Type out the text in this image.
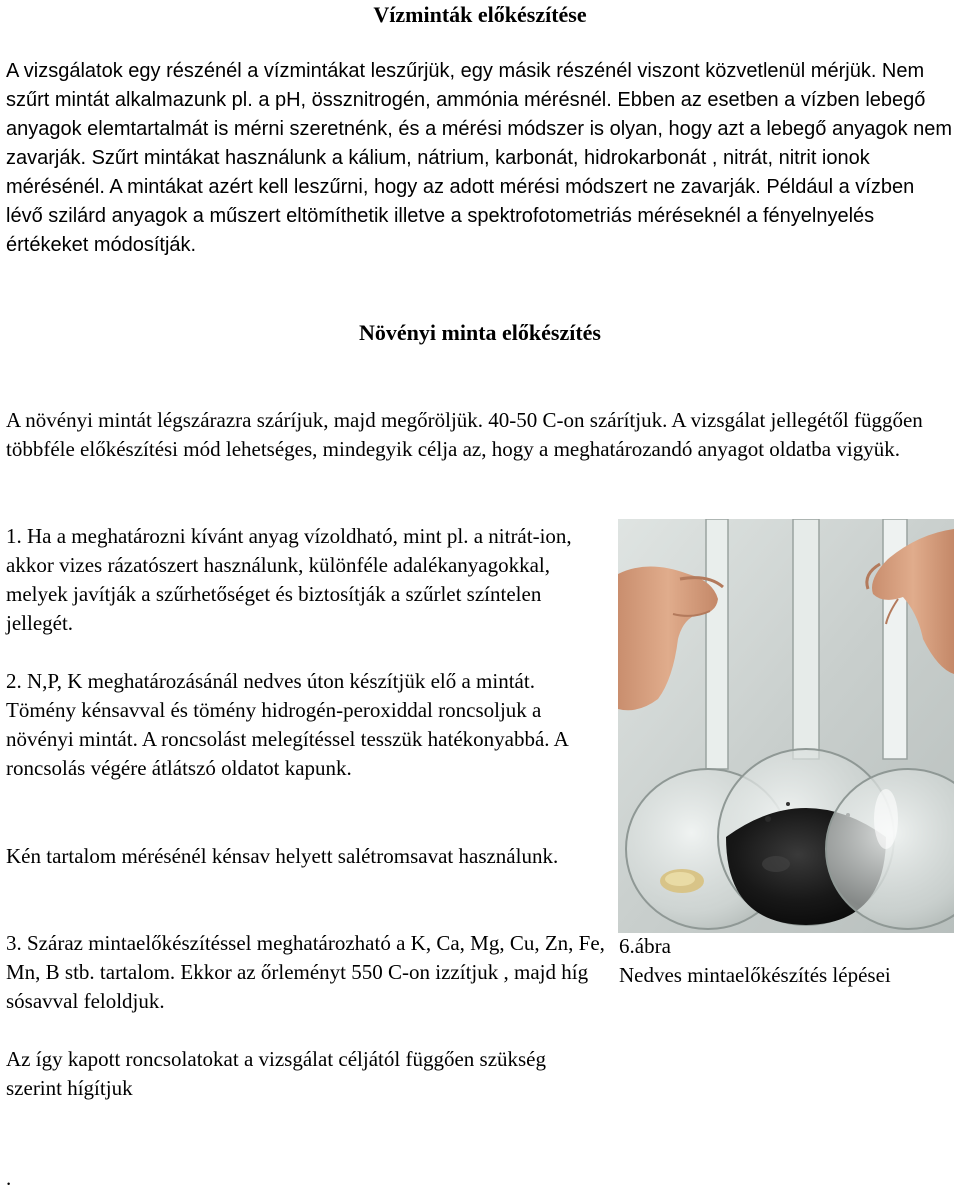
Vízminták előkészítése

A vizsgálatok egy részénél a vízmintákat leszűrjük, egy másik részénél viszont közvetlenül mérjük. Nem szűrt mintát alkalmazunk pl. a pH, össznitrogén, ammónia mérésnél. Ebben az esetben a vízben lebegő anyagok elemtartalmát is mérni szeretnénk, és a mérési módszer is olyan, hogy azt a lebegő anyagok nem zavarják. Szűrt mintákat használunk a kálium, nátrium, karbonát, hidrokarbonát , nitrát, nitrit ionok mérésénél. A mintákat azért kell leszűrni, hogy az adott mérési módszert ne zavarják. Például a vízben lévő szilárd anyagok a műszert eltömíthetik illetve a spektrofotometriás méréseknél a fényelnyelés értékeket módosítják.

Növényi minta előkészítés

A növényi mintát légszárazra száríjuk, majd megőröljük. 40-50 C-on szárítjuk. A vizsgálat jellegétől függően többféle előkészítési mód lehetséges, mindegyik célja az, hogy a meghatározandó anyagot oldatba vigyük.

1. Ha a meghatározni kívánt anyag vízoldható, mint pl. a nitrát-ion, akkor vizes rázatószert használunk, különféle adalékanyagokkal, melyek javítják a szűrhetőséget és biztosítják a szűrlet színtelen jellegét.

2. N,P, K meghatározásánál nedves úton készítjük elő a mintát. Tömény kénsavval és tömény hidrogén-peroxiddal roncsoljuk a növényi mintát. A roncsolást melegítéssel tesszük hatékonyabbá. A roncsolás végére átlátszó oldatot kapunk.

Kén tartalom mérésénél kénsav helyett salétromsavat használunk.

3. Száraz mintaelőkészítéssel meghatározható a K, Ca, Mg, Cu, Zn, Fe, Mn, B stb. tartalom. Ekkor az őrleményt 550 C-on izzítjuk , majd híg sósavval feloldjuk.

Az így kapott roncsolatokat a vizsgálat céljától függően szükség szerint hígítjuk

.
6.ábra
Nedves mintaelőkészítés lépései
